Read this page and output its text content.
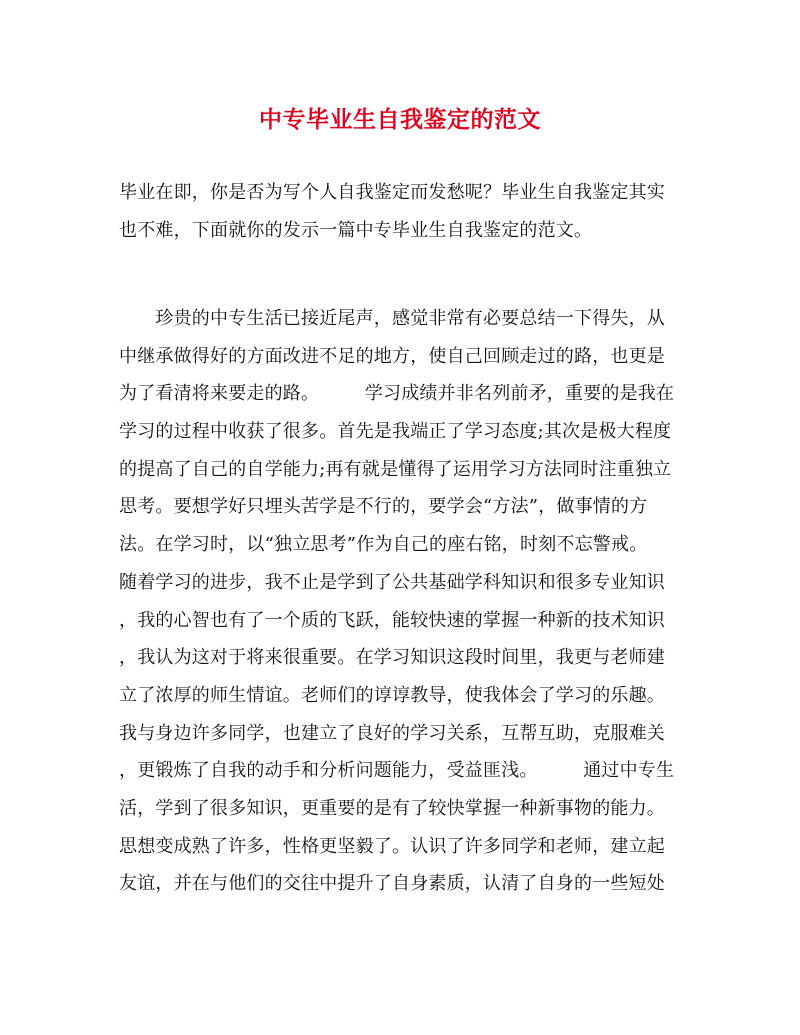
中专毕业生自我鉴定的范文
毕业在即，你是否为写个人自我鉴定而发愁呢？毕业生自我鉴定其实
也不难，下面就你的发示一篇中专毕业生自我鉴定的范文。
　　珍贵的中专生活已接近尾声，感觉非常有必要总结一下得失，从
中继承做得好的方面改进不足的地方，使自己回顾走过的路，也更是
为了看清将来要走的路。　　　学习成绩并非名列前矛，重要的是我在
学习的过程中收获了很多。首先是我端正了学习态度;其次是极大程度
的提高了自己的自学能力;再有就是懂得了运用学习方法同时注重独立
思考。要想学好只埋头苦学是不行的，要学会“方法”，做事情的方
法。在学习时，以“独立思考”作为自己的座右铭，时刻不忘警戒。
随着学习的进步，我不止是学到了公共基础学科知识和很多专业知识
，我的心智也有了一个质的飞跃，能较快速的掌握一种新的技术知识
，我认为这对于将来很重要。在学习知识这段时间里，我更与老师建
立了浓厚的师生情谊。老师们的谆谆教导，使我体会了学习的乐趣。
我与身边许多同学，也建立了良好的学习关系，互帮互助，克服难关
，更锻炼了自我的动手和分析问题能力，受益匪浅。　　　通过中专生
活，学到了很多知识，更重要的是有了较快掌握一种新事物的能力。
思想变成熟了许多，性格更坚毅了。认识了许多同学和老师，建立起
友谊，并在与他们的交往中提升了自身素质，认清了自身的一些短处
